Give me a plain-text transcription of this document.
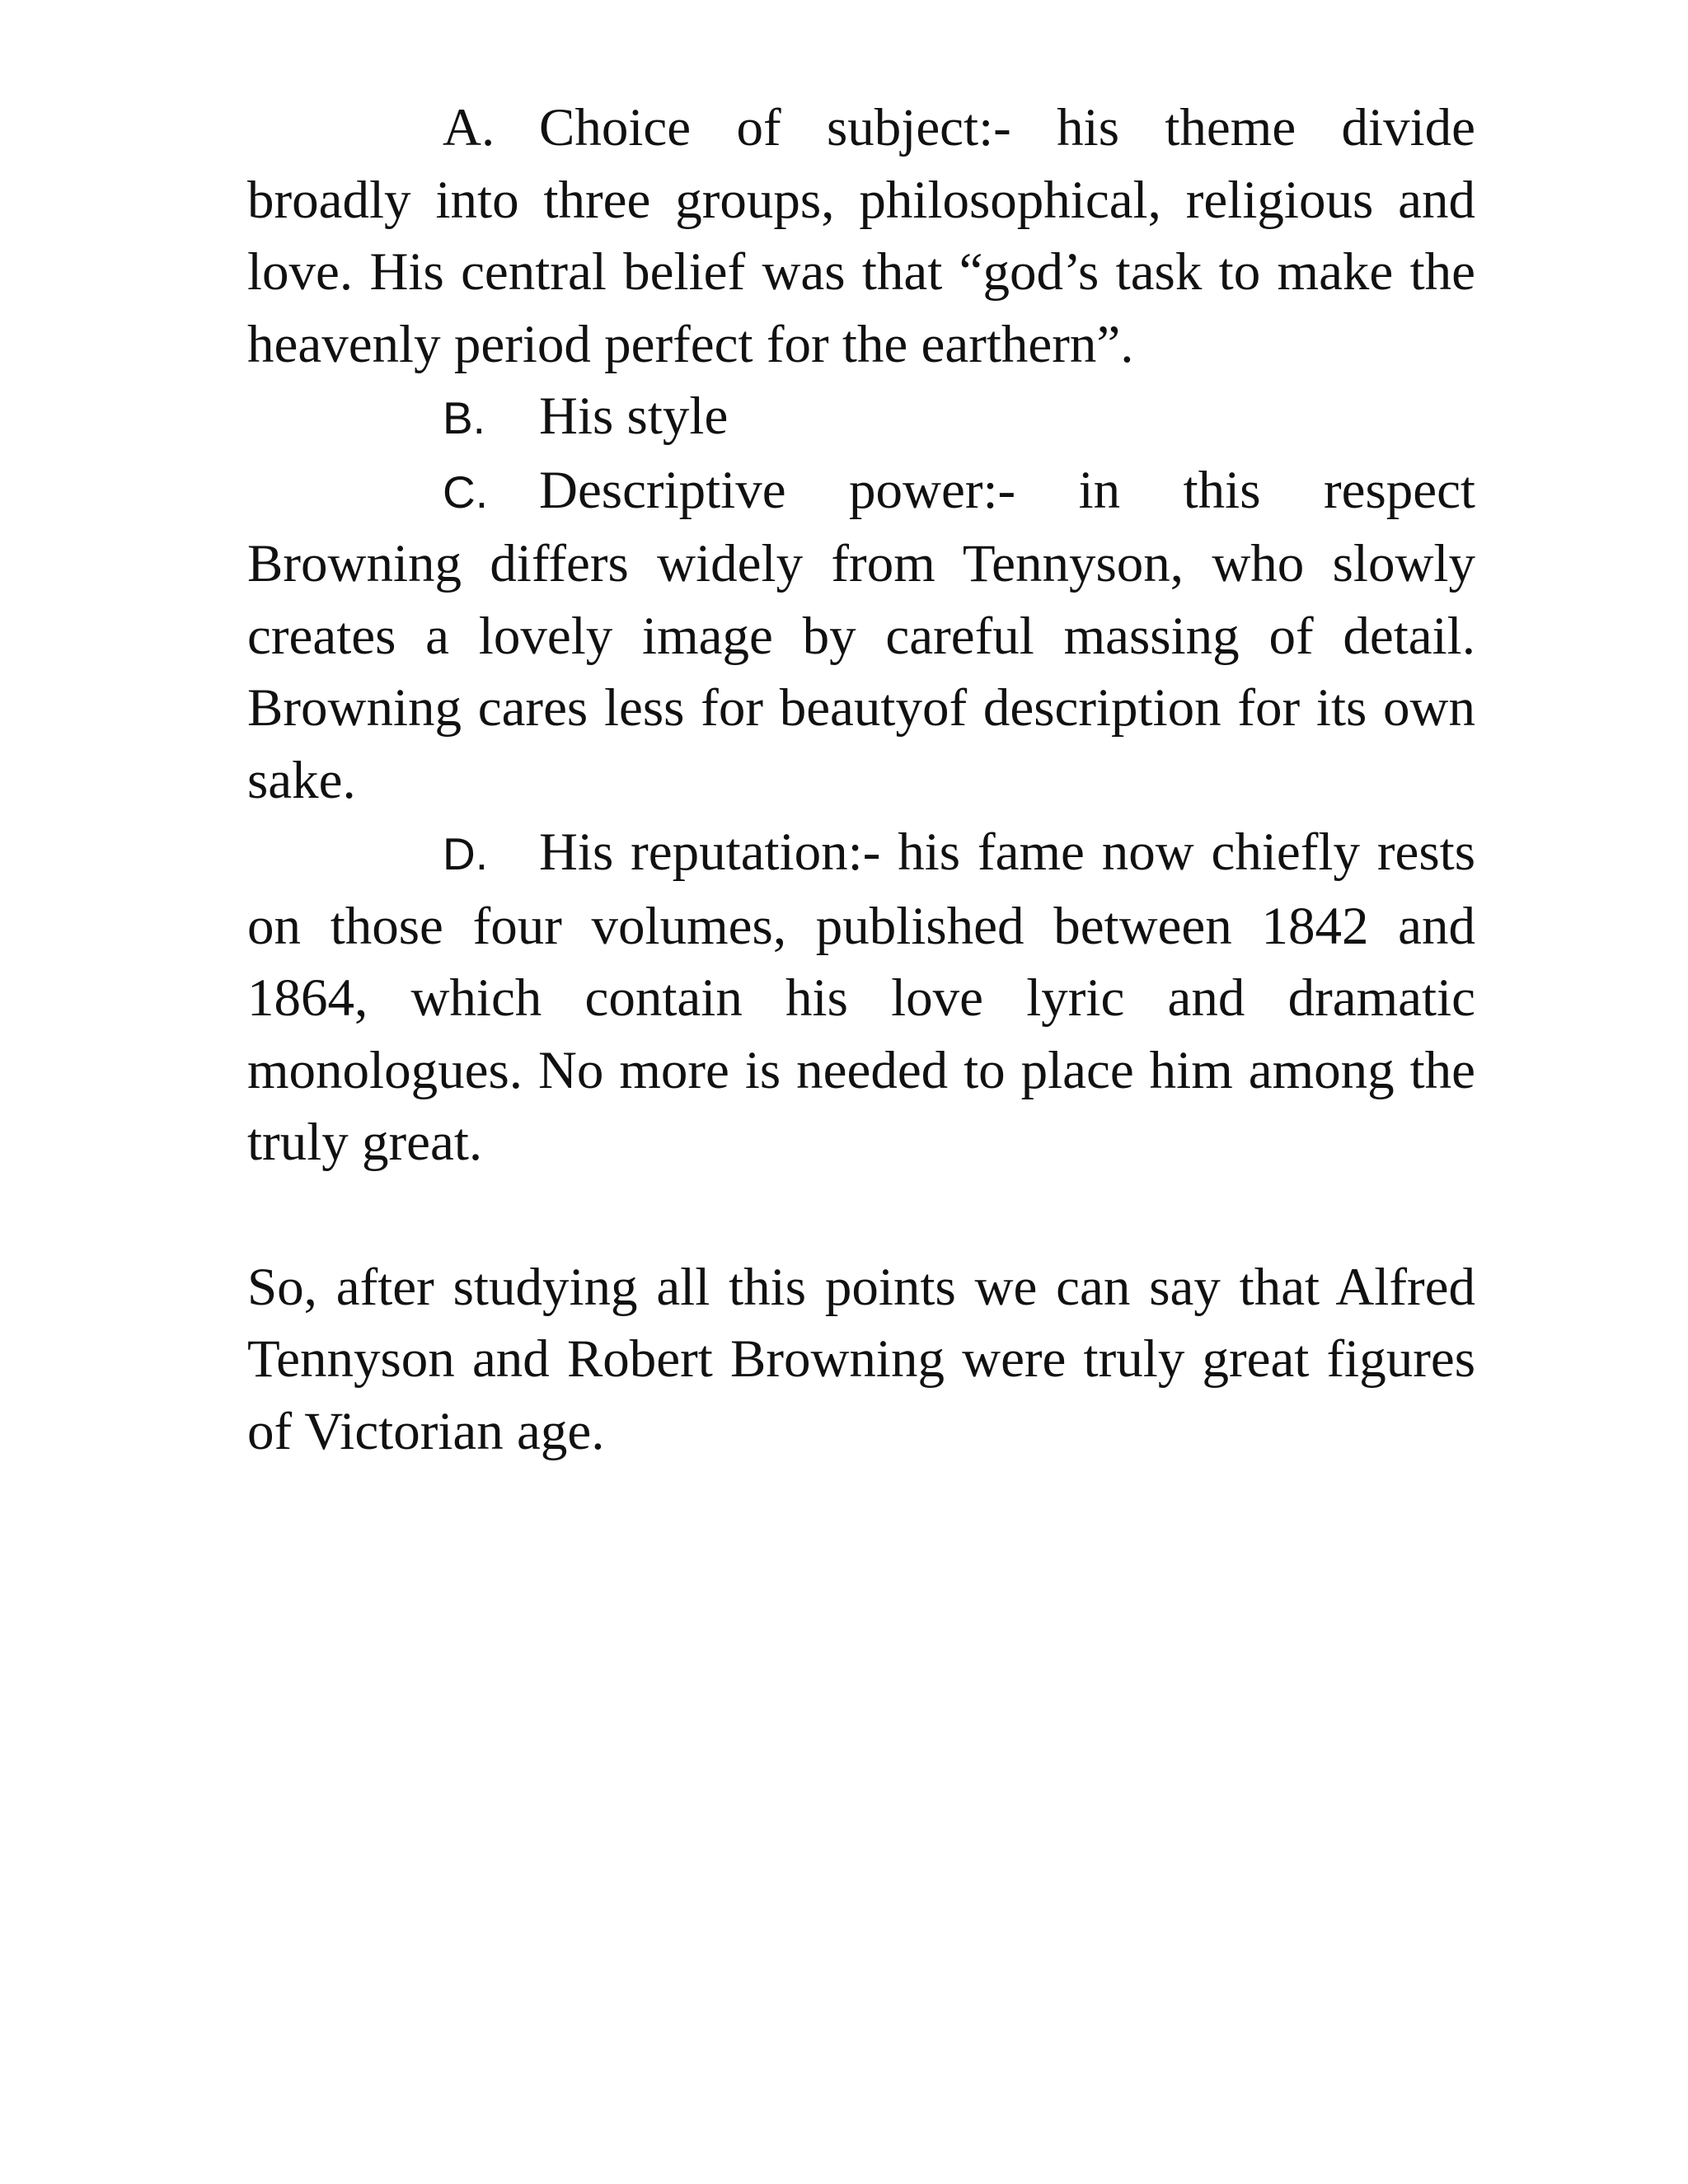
A. Choice of subject:- his theme divide broadly into three groups, philosophical, religious and love. His central belief was that “god’s task to make the heavenly period perfect for the earthern”.

B. His style

C. Descriptive power:- in this respect Browning differs widely from Tennyson, who slowly creates a lovely image by careful massing of detail. Browning cares less for beautyof description for its own sake.

D. His reputation:- his fame now chiefly rests on those four volumes, published between 1842 and 1864, which contain his love lyric and dramatic monologues. No more is needed to place him among the truly great.

So, after studying all this points we can say that Alfred Tennyson and Robert Browning were truly great figures of Victorian age.
